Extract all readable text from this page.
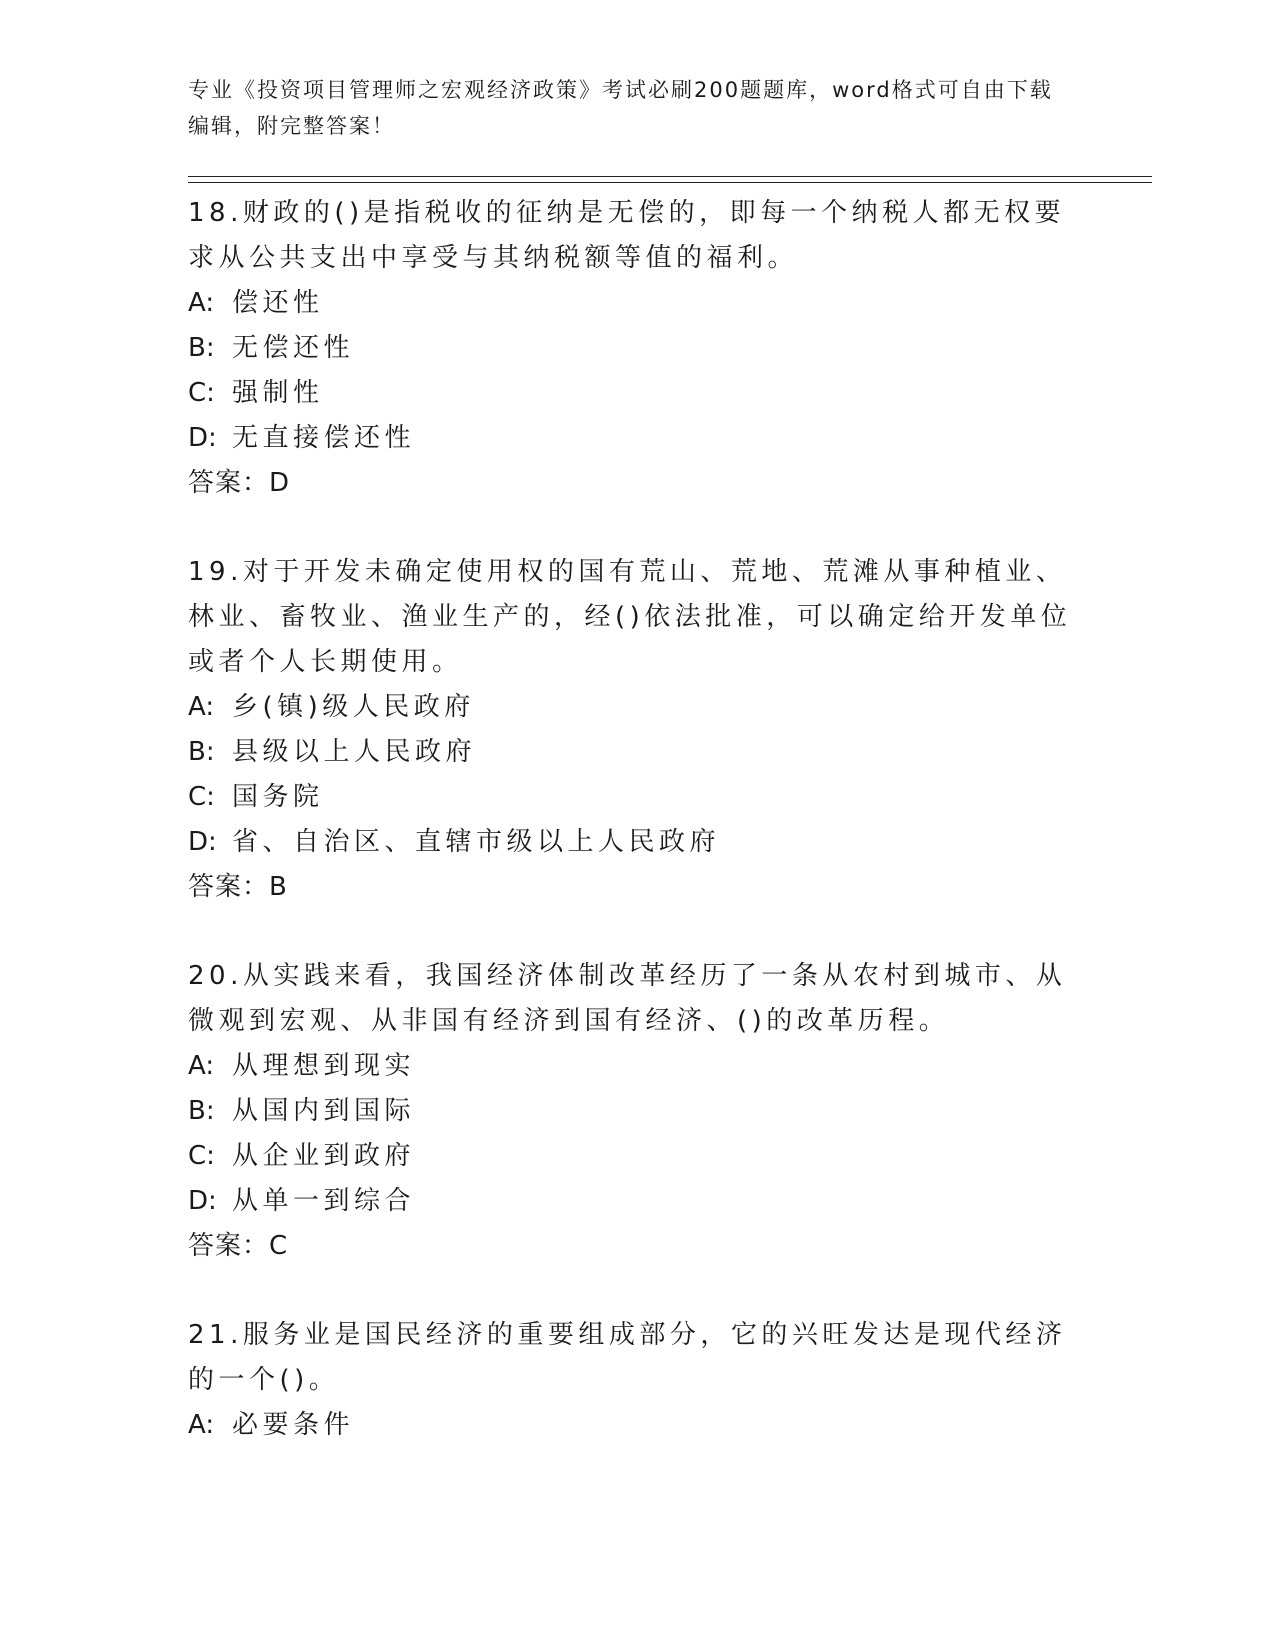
专业《投资项目管理师之宏观经济政策》考试必刷200题题库，word格式可自由下载编辑，附完整答案！
18.财政的()是指税收的征纳是无偿的，即每一个纳税人都无权要求从公共支出中享受与其纳税额等值的福利。
A: 偿还性
B: 无偿还性
C: 强制性
D: 无直接偿还性
答案：D
19.对于开发未确定使用权的国有荒山、荒地、荒滩从事种植业、林业、畜牧业、渔业生产的，经()依法批准，可以确定给开发单位或者个人长期使用。
A: 乡(镇)级人民政府
B: 县级以上人民政府
C: 国务院
D: 省、自治区、直辖市级以上人民政府
答案：B
20.从实践来看，我国经济体制改革经历了一条从农村到城市、从微观到宏观、从非国有经济到国有经济、()的改革历程。
A: 从理想到现实
B: 从国内到国际
C: 从企业到政府
D: 从单一到综合
答案：C
21.服务业是国民经济的重要组成部分，它的兴旺发达是现代经济的一个()。
A: 必要条件
